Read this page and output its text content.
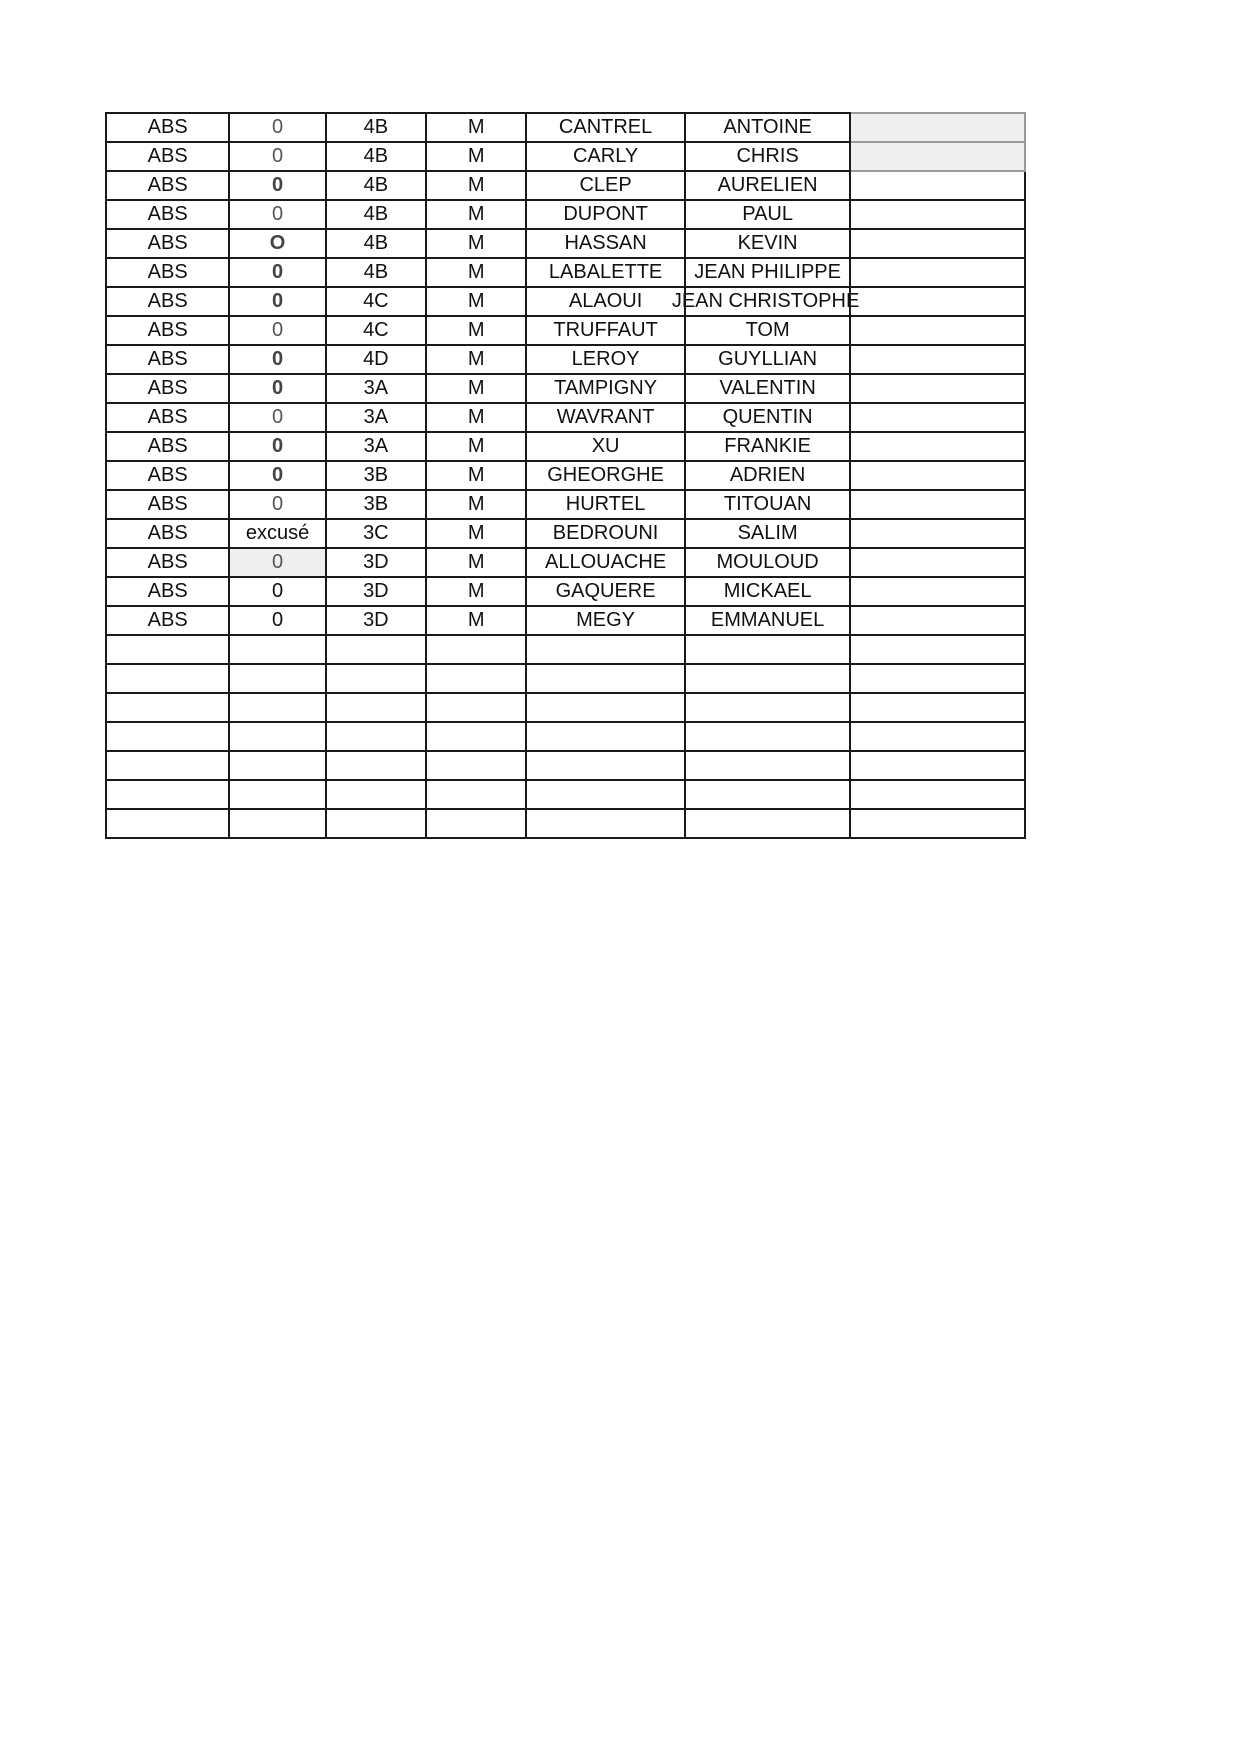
ABS	0	4B	M	CANTREL	ANTOINE	
ABS	0	4B	M	CARLY	CHRIS	
ABS	0	4B	M	CLEP	AURELIEN	
ABS	0	4B	M	DUPONT	PAUL	
ABS	O	4B	M	HASSAN	KEVIN	
ABS	0	4B	M	LABALETTE	JEAN PHILIPPE	
ABS	0	4C	M	ALAOUI	JEAN CHRISTOPHE	

ABS	0	4C	M	TRUFFAUT	TOM	
ABS	0	4D	M	LEROY	GUYLLIAN	
ABS	0	3A	M	TAMPIGNY	VALENTIN	
ABS	0	3A	M	WAVRANT	QUENTIN	
ABS	0	3A	M	XU	FRANKIE	
ABS	0	3B	M	GHEORGHE	ADRIEN	
ABS	0	3B	M	HURTEL	TITOUAN	
ABS	excusé	3C	M	BEDROUNI	SALIM	
ABS	0	3D	M	ALLOUACHE	MOULOUD	
ABS	0	3D	M	GAQUERE	MICKAEL	
ABS	0	3D	M	MEGY	EMMANUEL	
